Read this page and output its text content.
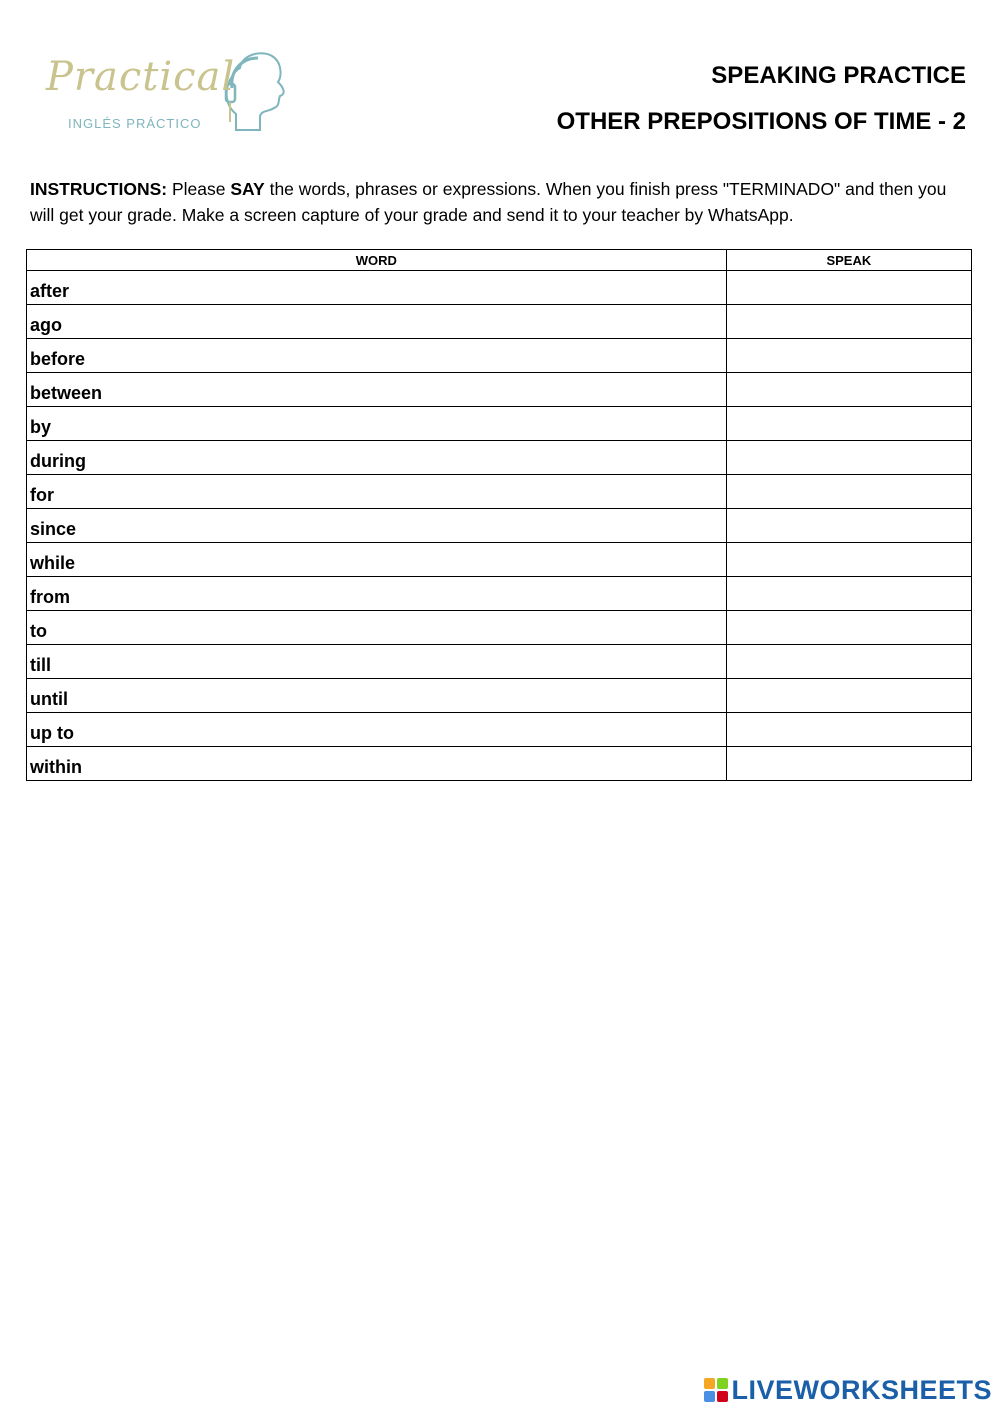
Practical
INGLÉS PRÁCTICO
SPEAKING PRACTICE
OTHER PREPOSITIONS OF TIME - 2
INSTRUCTIONS: Please SAY the words, phrases or expressions. When you finish press "TERMINADO" and then you will get your grade. Make a screen capture of your grade and send it to your teacher by WhatsApp.
WORD	SPEAK

after	

ago	

before	

between	

by	

during	

for	

since	

while	

from	

to	

till	

until	

up to	

within	

LIVEWORKSHEETS
